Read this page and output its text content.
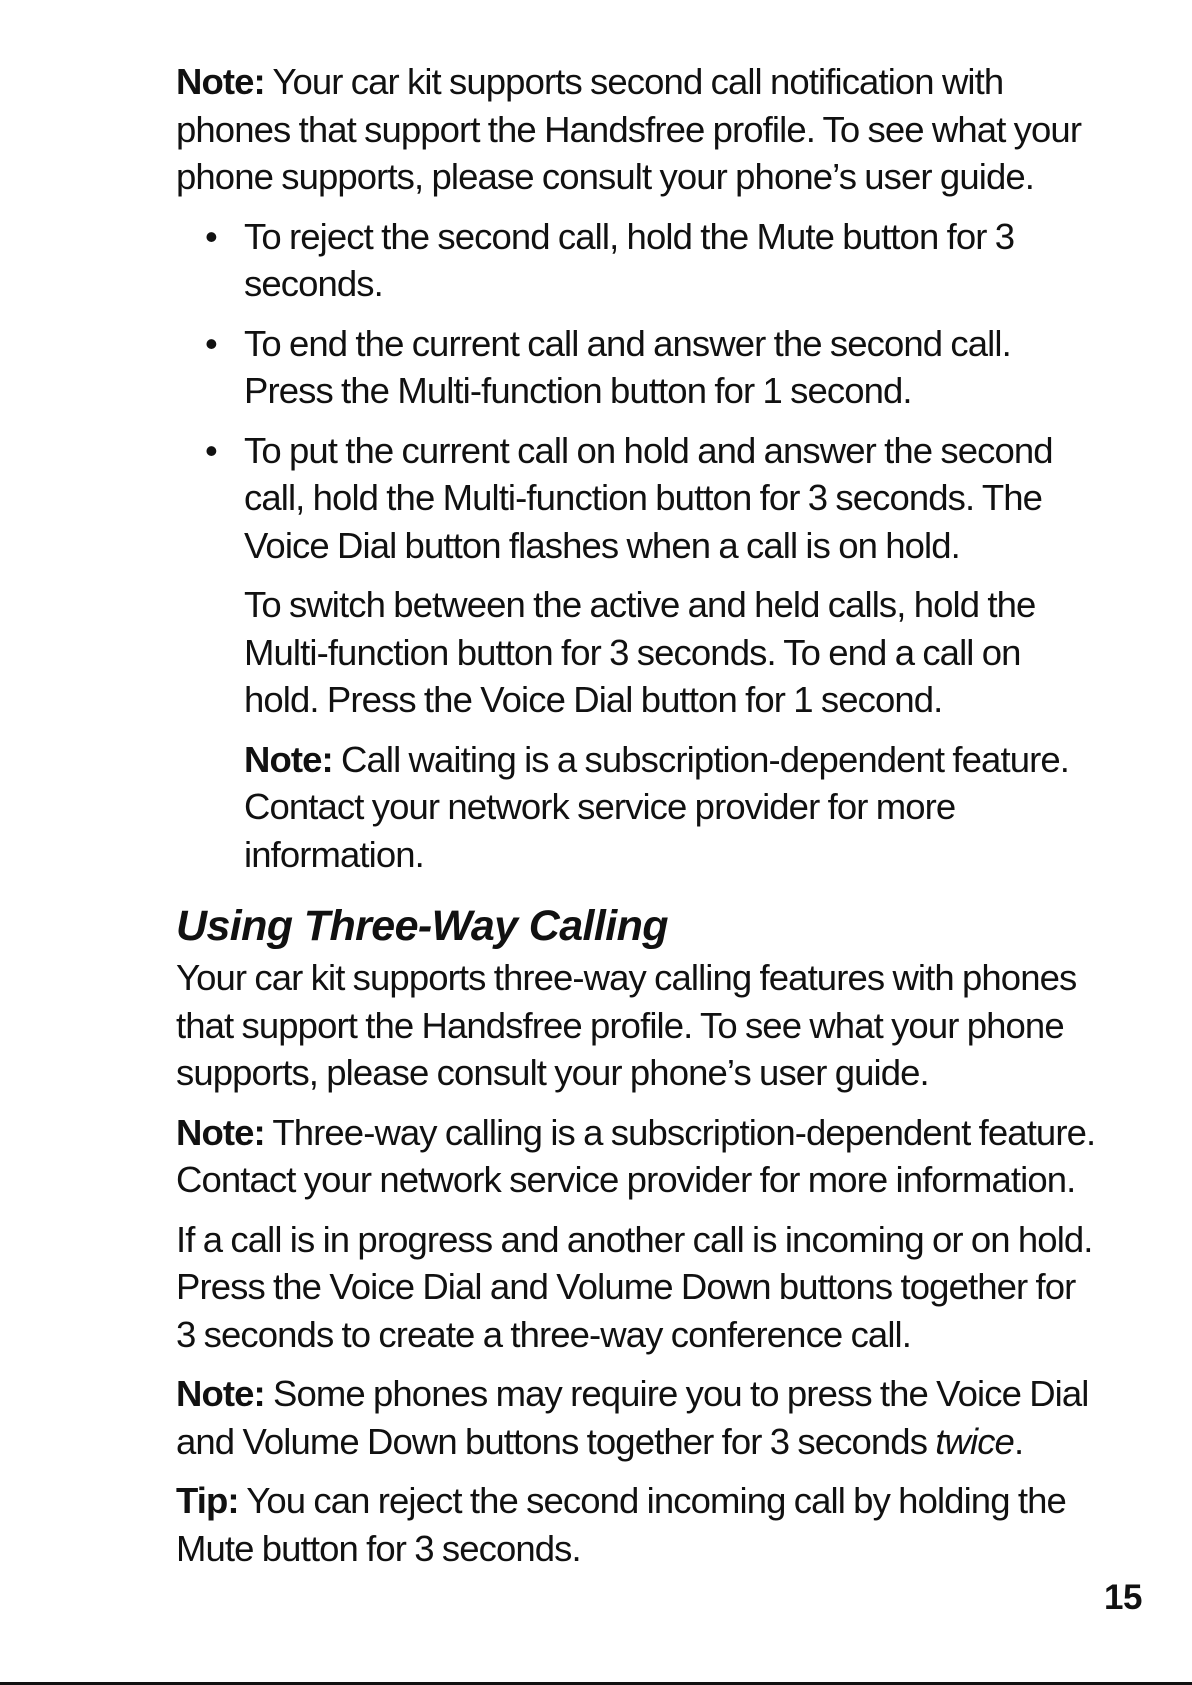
Note: Your car kit supports second call notification with phones that support the Handsfree profile. To see what your phone supports, please consult your phone’s user guide.

• To reject the second call, hold the Mute button for 3 seconds.
• To end the current call and answer the second call. Press the Multi-function button for 1 second.
• To put the current call on hold and answer the second call, hold the Multi-function button for 3 seconds. The Voice Dial button flashes when a call is on hold.

To switch between the active and held calls, hold the Multi-function button for 3 seconds. To end a call on hold. Press the Voice Dial button for 1 second.

Note: Call waiting is a subscription-dependent feature. Contact your network service provider for more information.

Using Three-Way Calling

Your car kit supports three-way calling features with phones that support the Handsfree profile. To see what your phone supports, please consult your phone’s user guide.

Note: Three-way calling is a subscription-dependent feature. Contact your network service provider for more information.

If a call is in progress and another call is incoming or on hold. Press the Voice Dial and Volume Down buttons together for 3 seconds to create a three-way conference call.

Note: Some phones may require you to press the Voice Dial and Volume Down buttons together for 3 seconds twice.

Tip: You can reject the second incoming call by holding the Mute button for 3 seconds.

15
